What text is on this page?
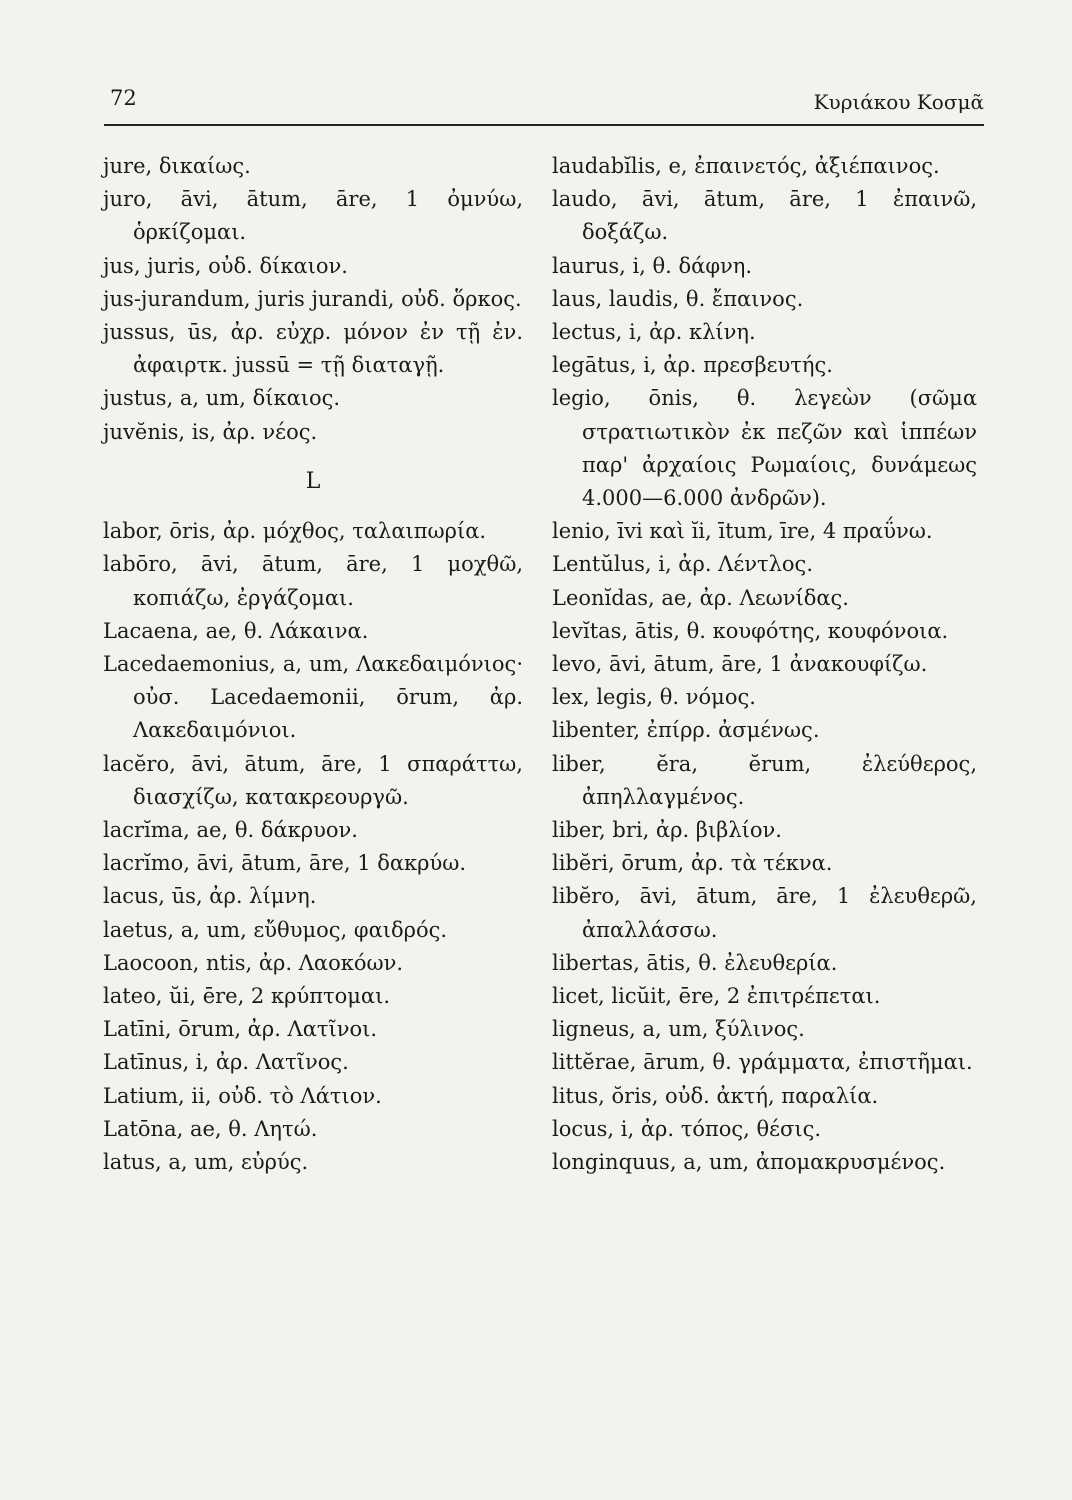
72	Κυριάκου Κοσμᾶ
jure, δικαίως.
juro, āvi, ātum, āre, 1 ὀμνύω, ὁρκίζομαι.
jus, juris, οὐδ. δίκαιον.
jus-jurandum, juris jurandi, οὐδ. ὅρκος.
jussus, ūs, ἀρ. εὐχρ. μόνον ἐν τῇ ἐν. ἀφαιρτκ. jussū = τῇ διαταγῇ.
justus, a, um, δίκαιος.
juvĕnis, is, ἀρ. νέος.
L
labor, ōris, ἀρ. μόχθος, ταλαιπωρία.
labōro, āvi, ātum, āre, 1 μοχθῶ, κοπιάζω, ἐργάζομαι.
Lacaena, ae, θ. Λάκαινα.
Lacedaemonius, a, um, Λακεδαιμόνιος· οὐσ. Lacedaemonii, ōrum, ἀρ. Λακεδαιμόνιοι.
lacĕro, āvi, ātum, āre, 1 σπαράττω, διασχίζω, κατακρεουργῶ.
lacrĭma, ae, θ. δάκρυον.
lacrĭmo, āvi, ātum, āre, 1 δακρύω.
lacus, ūs, ἀρ. λίμνη.
laetus, a, um, εὔθυμος, φαιδρός.
Laocoon, ntis, ἀρ. Λαοκόων.
lateo, ŭi, ēre, 2 κρύπτομαι.
Latīni, ōrum, ἀρ. Λατῖνοι.
Latīnus, i, ἀρ. Λατῖνος.
Latium, ii, οὐδ. τὸ Λάτιον.
Latōna, ae, θ. Λητώ.
latus, a, um, εὐρύς.
laudabĭlis, e, ἐπαινετός, ἀξιέπαινος.
laudo, āvi, ātum, āre, 1 ἐπαινῶ, δοξάζω.
laurus, i, θ. δάφνη.
laus, laudis, θ. ἔπαινος.
lectus, i, ἀρ. κλίνη.
legātus, i, ἀρ. πρεσβευτής.
legio, ōnis, θ. λεγεὼν (σῶμα στρατιωτικὸν ἐκ πεζῶν καὶ ἱππέων παρ' ἀρχαίοις Ρωμαίοις, δυνάμεως 4.000—6.000 ἀνδρῶν).
lenio, īvi καὶ ĭi, ītum, īre, 4 πραΰνω.
Lentŭlus, i, ἀρ. Λέντλος.
Leonĭdas, ae, ἀρ. Λεωνίδας.
levĭtas, ātis, θ. κουφότης, κουφόνοια.
levo, āvi, ātum, āre, 1 ἀνακουφίζω.
lex, legis, θ. νόμος.
libenter, ἐπίρρ. ἀσμένως.
liber, ĕra, ĕrum, ἐλεύθερος, ἀπηλλαγμένος.
liber, bri, ἀρ. βιβλίον.
libĕri, ōrum, ἀρ. τὰ τέκνα.
libĕro, āvi, ātum, āre, 1 ἐλευθερῶ, ἀπαλλάσσω.
libertas, ātis, θ. ἐλευθερία.
licet, licŭit, ēre, 2 ἐπιτρέπεται.
ligneus, a, um, ξύλινος.
littĕrae, ārum, θ. γράμματα, ἐπιστῆμαι.
litus, ŏris, οὐδ. ἀκτή, παραλία.
locus, i, ἀρ. τόπος, θέσις.
longinquus, a, um, ἀπομακρυσμένος.
